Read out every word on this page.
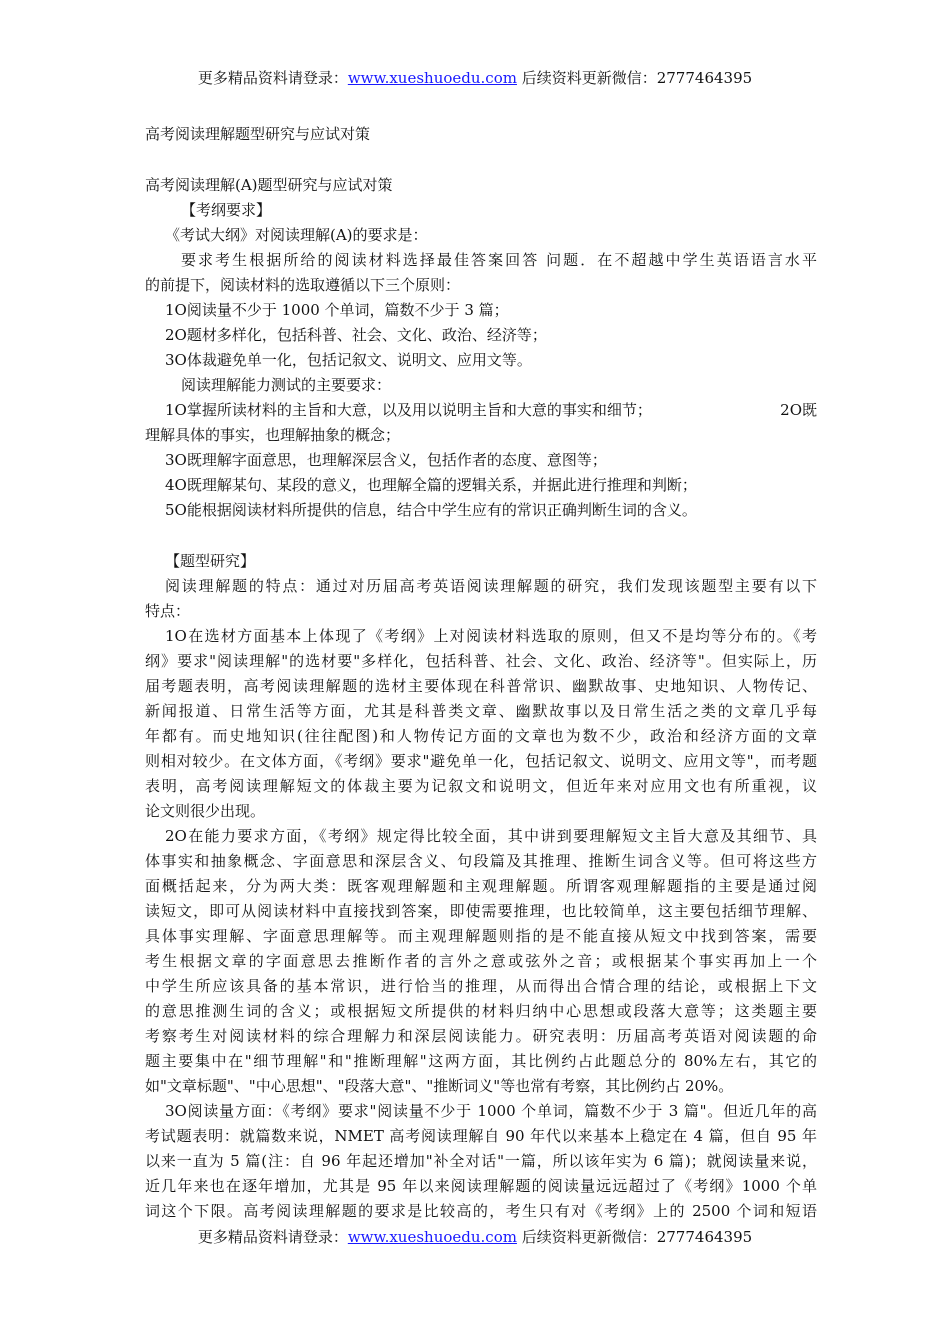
更多精品资料请登录：www.xueshuoedu.com 后续资料更新微信：2777464395
高考阅读理解题型研究与应试对策
高考阅读理解(A)题型研究与应试对策
【考纲要求】
《考试大纲》对阅读理解(A)的要求是：
要求考生根据所给的阅读材料选择最佳答案回答 问题．在不超越中学生英语语言水平
的前提下，阅读材料的选取遵循以下三个原则：
1O阅读量不少于 1000 个单词，篇数不少于 3 篇；
2O题材多样化，包括科普、社会、文化、政治、经济等；
3O体裁避免单一化，包括记叙文、说明文、应用文等。
阅读理解能力测试的主要要求：
1O掌握所读材料的主旨和大意，以及用以说明主旨和大意的事实和细节；	2O既
理解具体的事实，也理解抽象的概念；
3O既理解字面意思，也理解深层含义，包括作者的态度、意图等；
4O既理解某句、某段的意义，也理解全篇的逻辑关系，并据此进行推理和判断；
5O能根据阅读材料所提供的信息，结合中学生应有的常识正确判断生词的含义。
【题型研究】
阅读理解题的特点：通过对历届高考英语阅读理解题的研究，我们发现该题型主要有以下
特点：
1O在选材方面基本上体现了《考纲》上对阅读材料选取的原则，但又不是均等分布的。《考
纲》要求"阅读理解"的选材要"多样化，包括科普、社会、文化、政治、经济等"。但实际上，历
届考题表明，高考阅读理解题的选材主要体现在科普常识、幽默故事、史地知识、人物传记、
新闻报道、日常生活等方面，尤其是科普类文章、幽默故事以及日常生活之类的文章几乎每
年都有。而史地知识(往往配图)和人物传记方面的文章也为数不少，政治和经济方面的文章
则相对较少。在文体方面，《考纲》要求"避免单一化，包括记叙文、说明文、应用文等"，而考题
表明，高考阅读理解短文的体裁主要为记叙文和说明文，但近年来对应用文也有所重视，议
论文则很少出现。
2O在能力要求方面，《考纲》规定得比较全面，其中讲到要理解短文主旨大意及其细节、具
体事实和抽象概念、字面意思和深层含义、句段篇及其推理、推断生词含义等。但可将这些方
面概括起来，分为两大类：既客观理解题和主观理解题。所谓客观理解题指的主要是通过阅
读短文，即可从阅读材料中直接找到答案，即使需要推理，也比较简单，这主要包括细节理解、
具体事实理解、字面意思理解等。而主观理解题则指的是不能直接从短文中找到答案，需要
考生根据文章的字面意思去推断作者的言外之意或弦外之音；或根据某个事实再加上一个
中学生所应该具备的基本常识，进行恰当的推理，从而得出合情合理的结论，或根据上下文
的意思推测生词的含义；或根据短文所提供的材料归纳中心思想或段落大意等；这类题主要
考察考生对阅读材料的综合理解力和深层阅读能力。研究表明：历届高考英语对阅读题的命
题主要集中在"细节理解"和"推断理解"这两方面，其比例约占此题总分的 80%左右，其它的
如"文章标题"、"中心思想"、"段落大意"、"推断词义"等也常有考察，其比例约占 20%。
3O阅读量方面：《考纲》要求"阅读量不少于 1000 个单词，篇数不少于 3 篇"。但近几年的高
考试题表明：就篇数来说，NMET 高考阅读理解自 90 年代以来基本上稳定在 4 篇，但自 95 年
以来一直为 5 篇(注：自 96 年起还增加"补全对话"一篇，所以该年实为 6 篇)；就阅读量来说，
近几年来也在逐年增加，尤其是 95 年以来阅读理解题的阅读量远远超过了《考纲》1000 个单
词这个下限。高考阅读理解题的要求是比较高的，考生只有对《考纲》上的 2500 个词和短语
更多精品资料请登录：www.xueshuoedu.com 后续资料更新微信：2777464395
